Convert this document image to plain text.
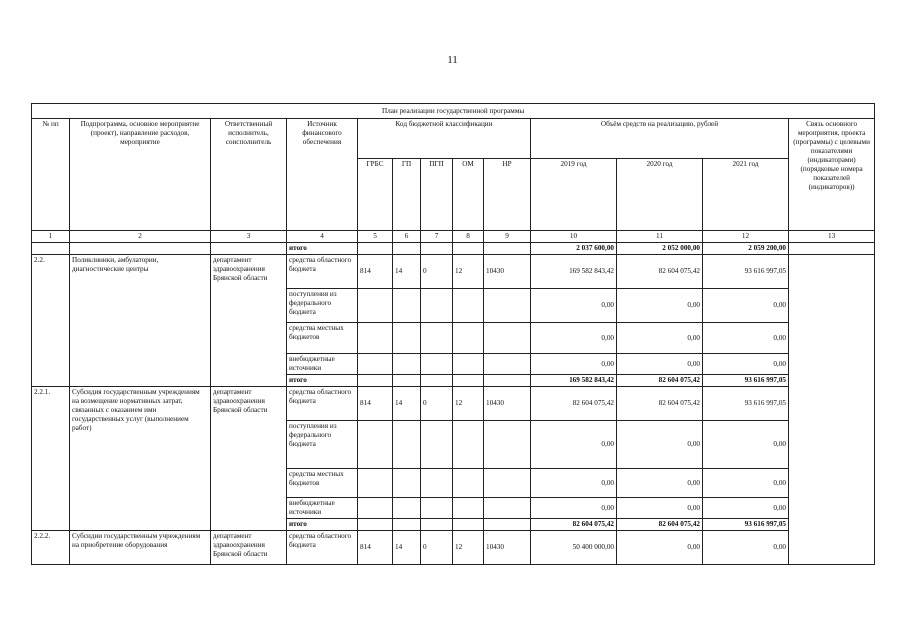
11
План реализации государственной программы												
№ пп	Подпрограмма, основное мероприятие (проект), направление расходов, мероприятие	Ответственный исполнитель, соисполнитель	Источник финансового обеспечения	Код бюджетной классификации					Объём средств на реализацию, рублей			Связь основного мероприятия, проекта (программы) с целевыми показателями (индикаторами) (порядковые номера показателей (индикаторов))
				ГРБС	ГП	ПГП	ОМ	НР	2019 год	2020 год	2021 год	
1	2	3	4	5	6	7	8	9	10	11	12	13
			итого						2 037 600,00	2 052 000,00	2 059 200,00	
2.2.	Поликлиники, амбулатории, диагностические центры	департамент здравоохранения Брянской области	средства областного бюджета	814	14	0	12	10430	169 582 843,42	82 604 075,42	93 616 997,05	
			поступления из федерального бюджета						0,00	0,00	0,00	
			средства местных бюджетов						0,00	0,00	0,00	
			внебюджетные источники						0,00	0,00	0,00	
			итого						169 582 843,42	82 604 075,42	93 616 997,05	
2.2.1.	Субсидия государственным учреждениям на возмещение нормативных затрат, связанных с оказанием ими государственных услуг (выполнением работ)	департамент здравоохранения Брянской области	средства областного бюджета	814	14	0	12	10430	82 604 075,42	82 604 075,42	93 616 997,05	
			поступления из федерального бюджета						0,00	0,00	0,00	
			средства местных бюджетов						0,00	0,00	0,00	
			внебюджетные источники						0,00	0,00	0,00	
			итого						82 604 075,42	82 604 075,42	93 616 997,05	
2.2.2.	Субсидии государственным учреждениям на приобретение оборудования	департамент здравоохранения Брянской области	средства областного бюджета	814	14	0	12	10430	50 400 000,00	0,00	0,00	
